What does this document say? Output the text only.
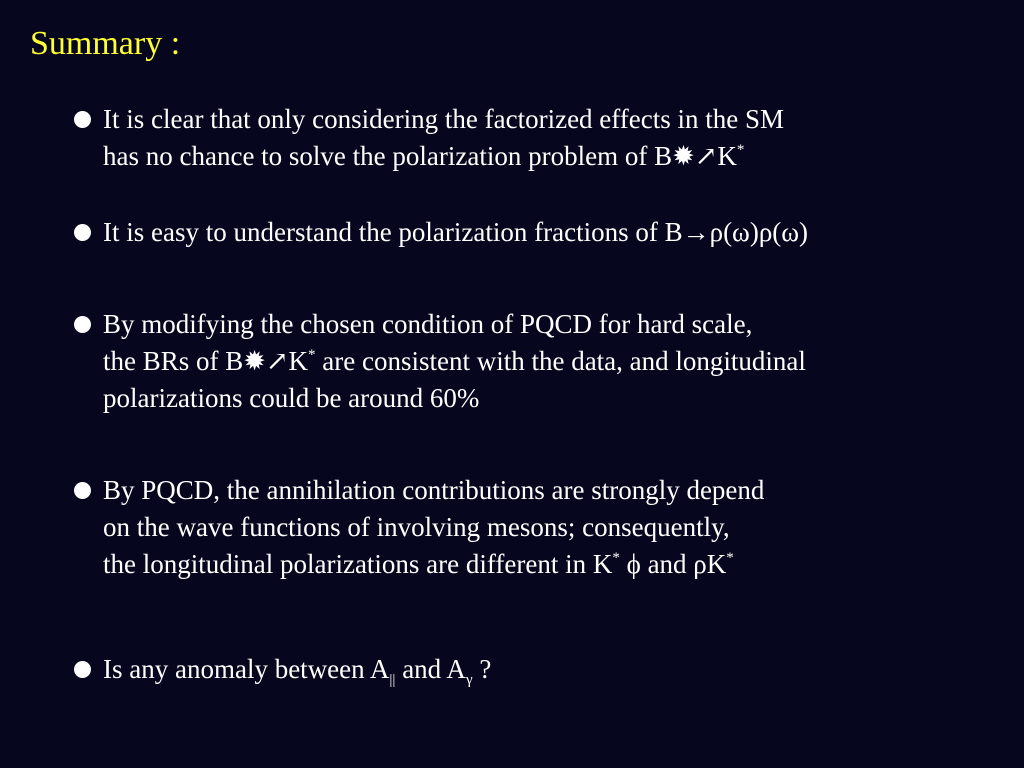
Summary :
It is clear that only considering the factorized effects in the SM
has no chance to solve the polarization problem of B✹↗K*
It is easy to understand the polarization fractions of B→ρ(ω)ρ(ω)
By modifying the chosen condition of PQCD for hard scale,
the BRs of B✹↗K* are consistent with the data, and longitudinal
polarizations could be around 60%
By PQCD, the annihilation contributions are strongly depend
on the wave functions of involving mesons; consequently,
the longitudinal polarizations are different in K* ϕ and ρK*
Is any anomaly between $A_{||}$ and $A_\gamma$ ?
